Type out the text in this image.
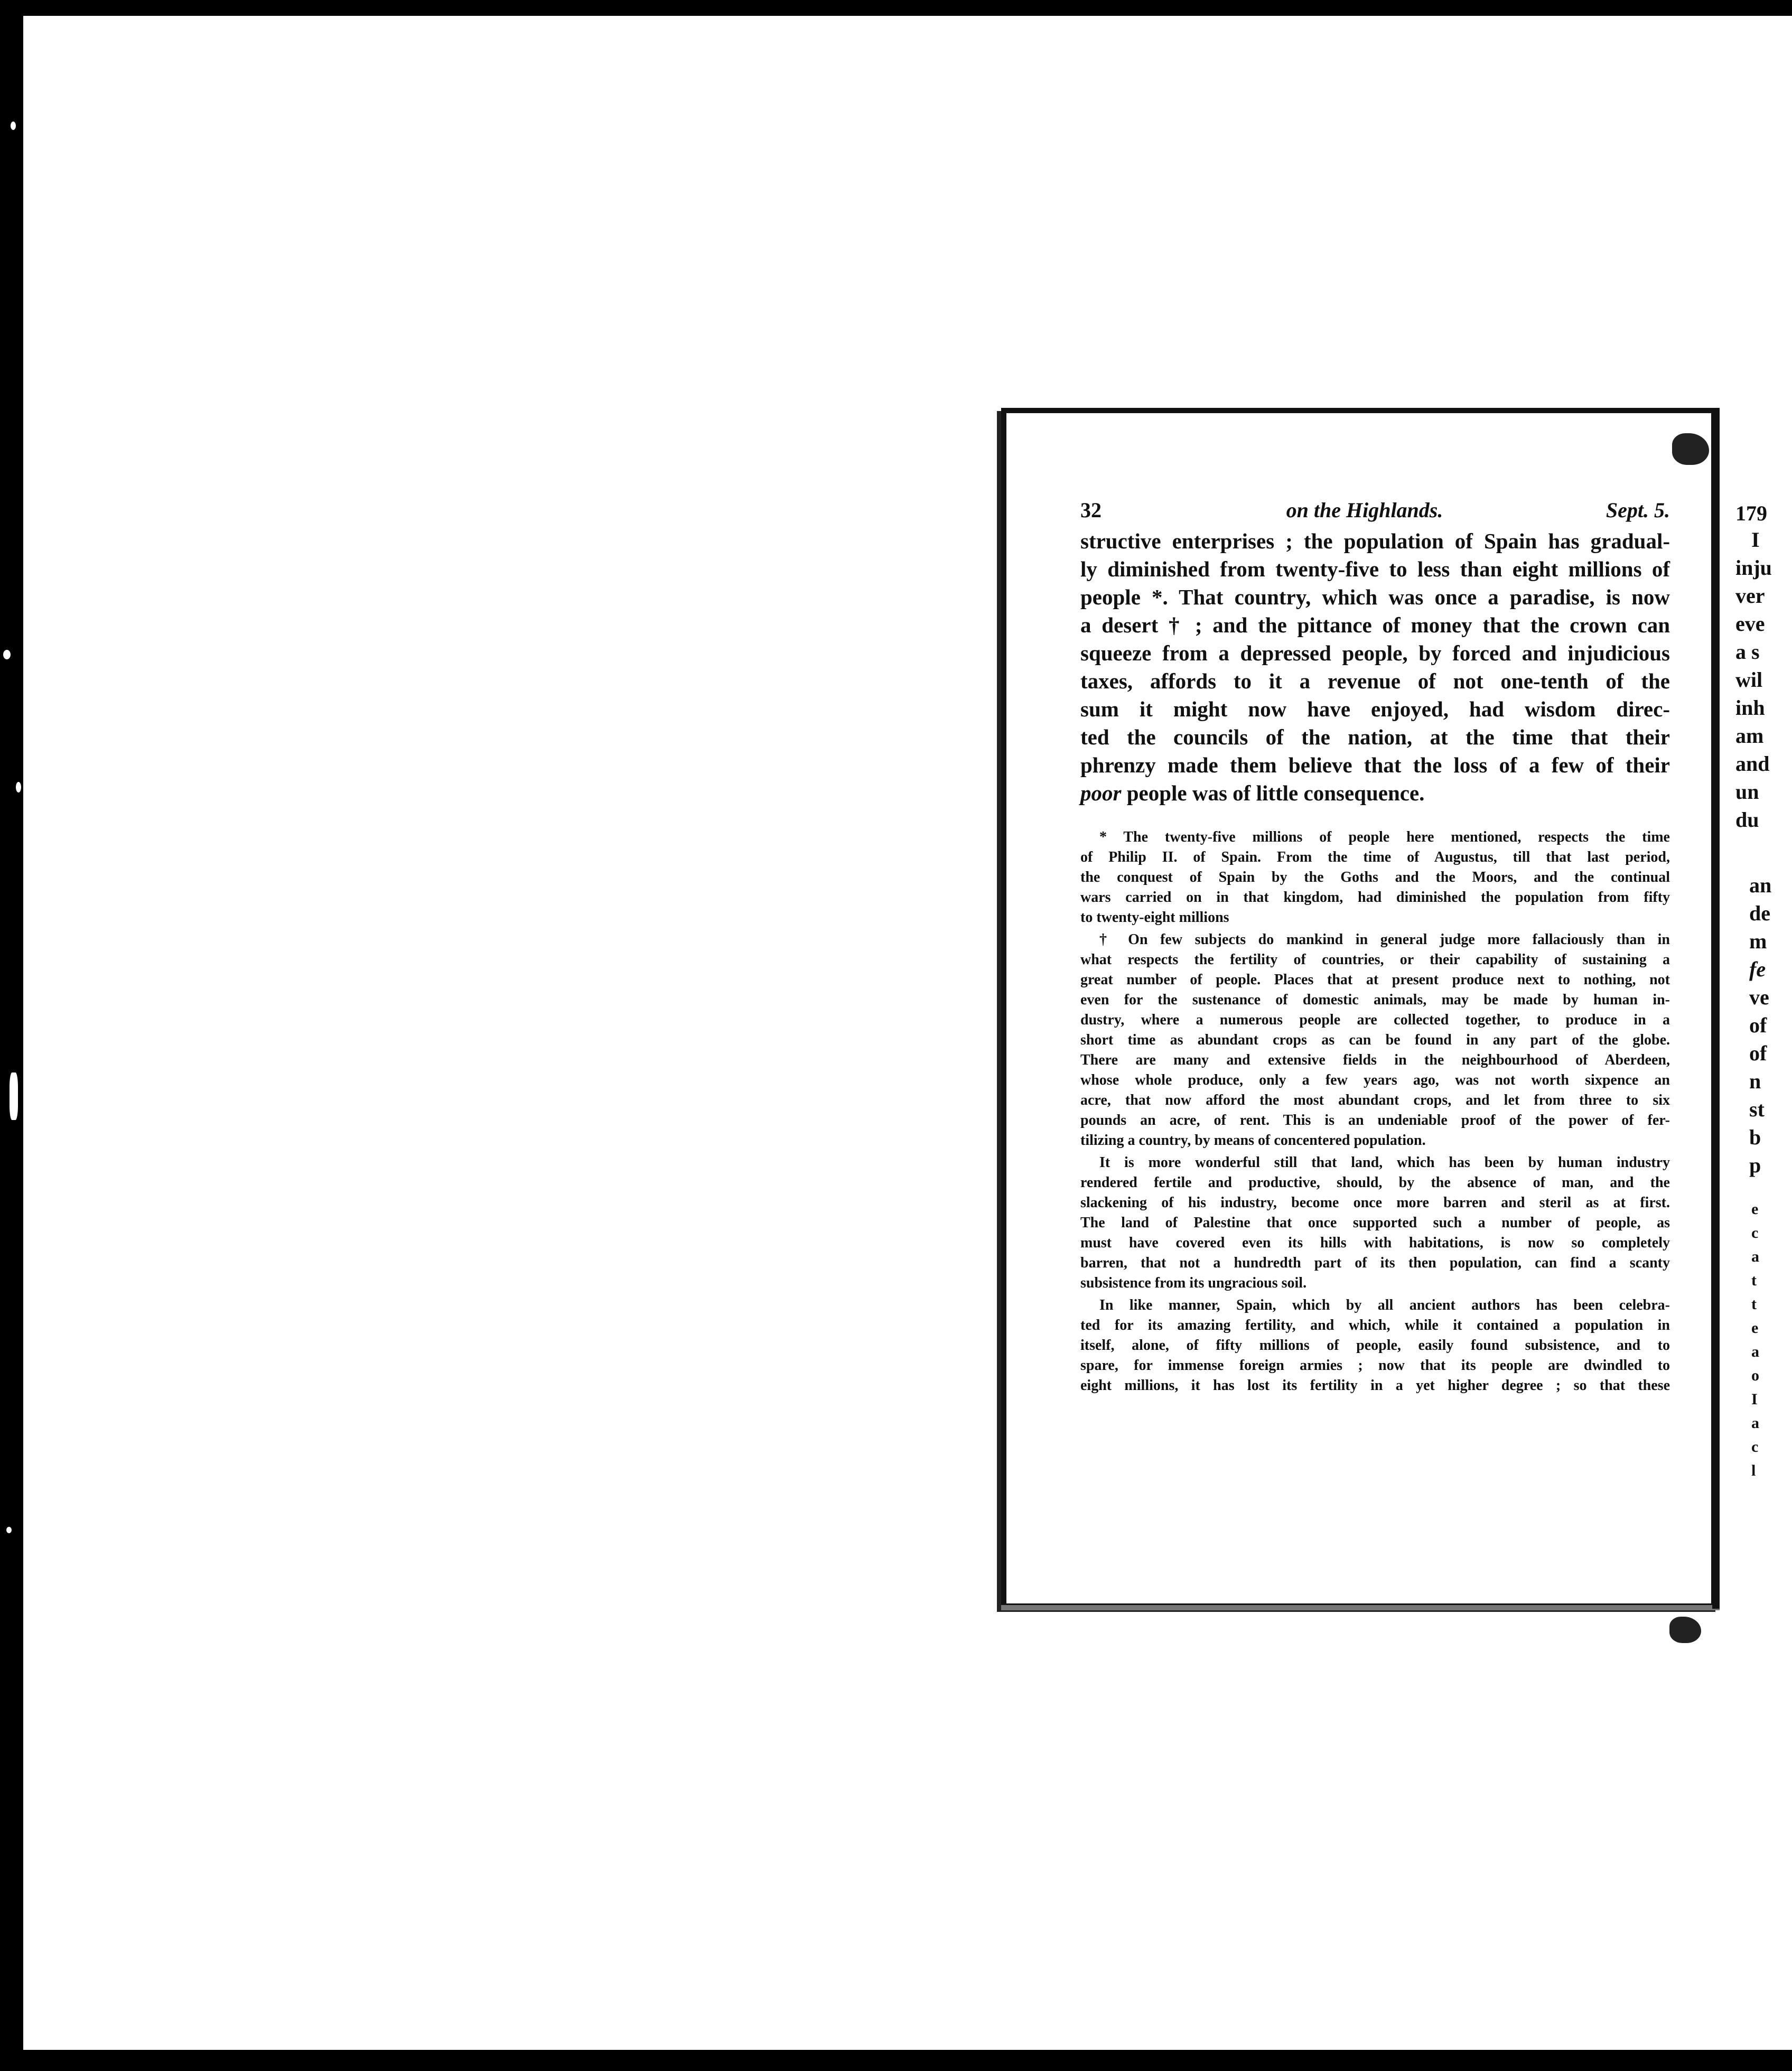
32	on the Highlands.	Sept. 5.

structive enterprises ; the population of Spain has gradual-
ly diminished from twenty-five to less than eight millions of
people *. That country, which was once a paradise, is now
a desert † ; and the pittance of money that the crown can
squeeze from a depressed people, by forced and injudicious
taxes, affords to it a revenue of not one-tenth of the
sum it might now have enjoyed, had wisdom direc-
ted the councils of the nation, at the time that their
phrenzy made them believe that the loss of a few of their
poor people was of little consequence.

* The twenty-five millions of people here mentioned, respects the time
of Philip II. of Spain. From the time of Augustus, till that last period,
the conquest of Spain by the Goths and the Moors, and the continual
wars carried on in that kingdom, had diminished the population from fifty
to twenty-eight millions
† On few subjects do mankind in general judge more fallaciously than in
what respects the fertility of countries, or their capability of sustaining a
great number of people. Places that at present produce next to nothing, not
even for the sustenance of domestic animals, may be made by human in-
dustry, where a numerous people are collected together, to produce in a
short time as abundant crops as can be found in any part of the globe.
There are many and extensive fields in the neighbourhood of Aberdeen,
whose whole produce, only a few years ago, was not worth sixpence an
acre, that now afford the most abundant crops, and let from three to six
pounds an acre, of rent. This is an undeniable proof of the power of fer-
tilizing a country, by means of concentered population.
It is more wonderful still that land, which has been by human industry
rendered fertile and productive, should, by the absence of man, and the
slackening of his industry, become once more barren and steril as at first.
The land of Palestine that once supported such a number of people, as
must have covered even its hills with habitations, is now so completely
barren, that not a hundredth part of its then population, can find a scanty
subsistence from its ungracious soil.
In like manner, Spain, which by all ancient authors has been celebra-
ted for its amazing fertility, and which, while it contained a population in
itself, alone, of fifty millions of people, easily found subsistence, and to
spare, for immense foreign armies ; now that its people are dwindled to
eight millions, it has lost its fertility in a yet higher degree ; so that these
179
I
inju
ver
eve
a s
wil
inh
am
and
un
du
an
de
m
fe
ve
of
of
n
st
b
p
e
c
a
t
t
e
a
o
I
a
c
l
